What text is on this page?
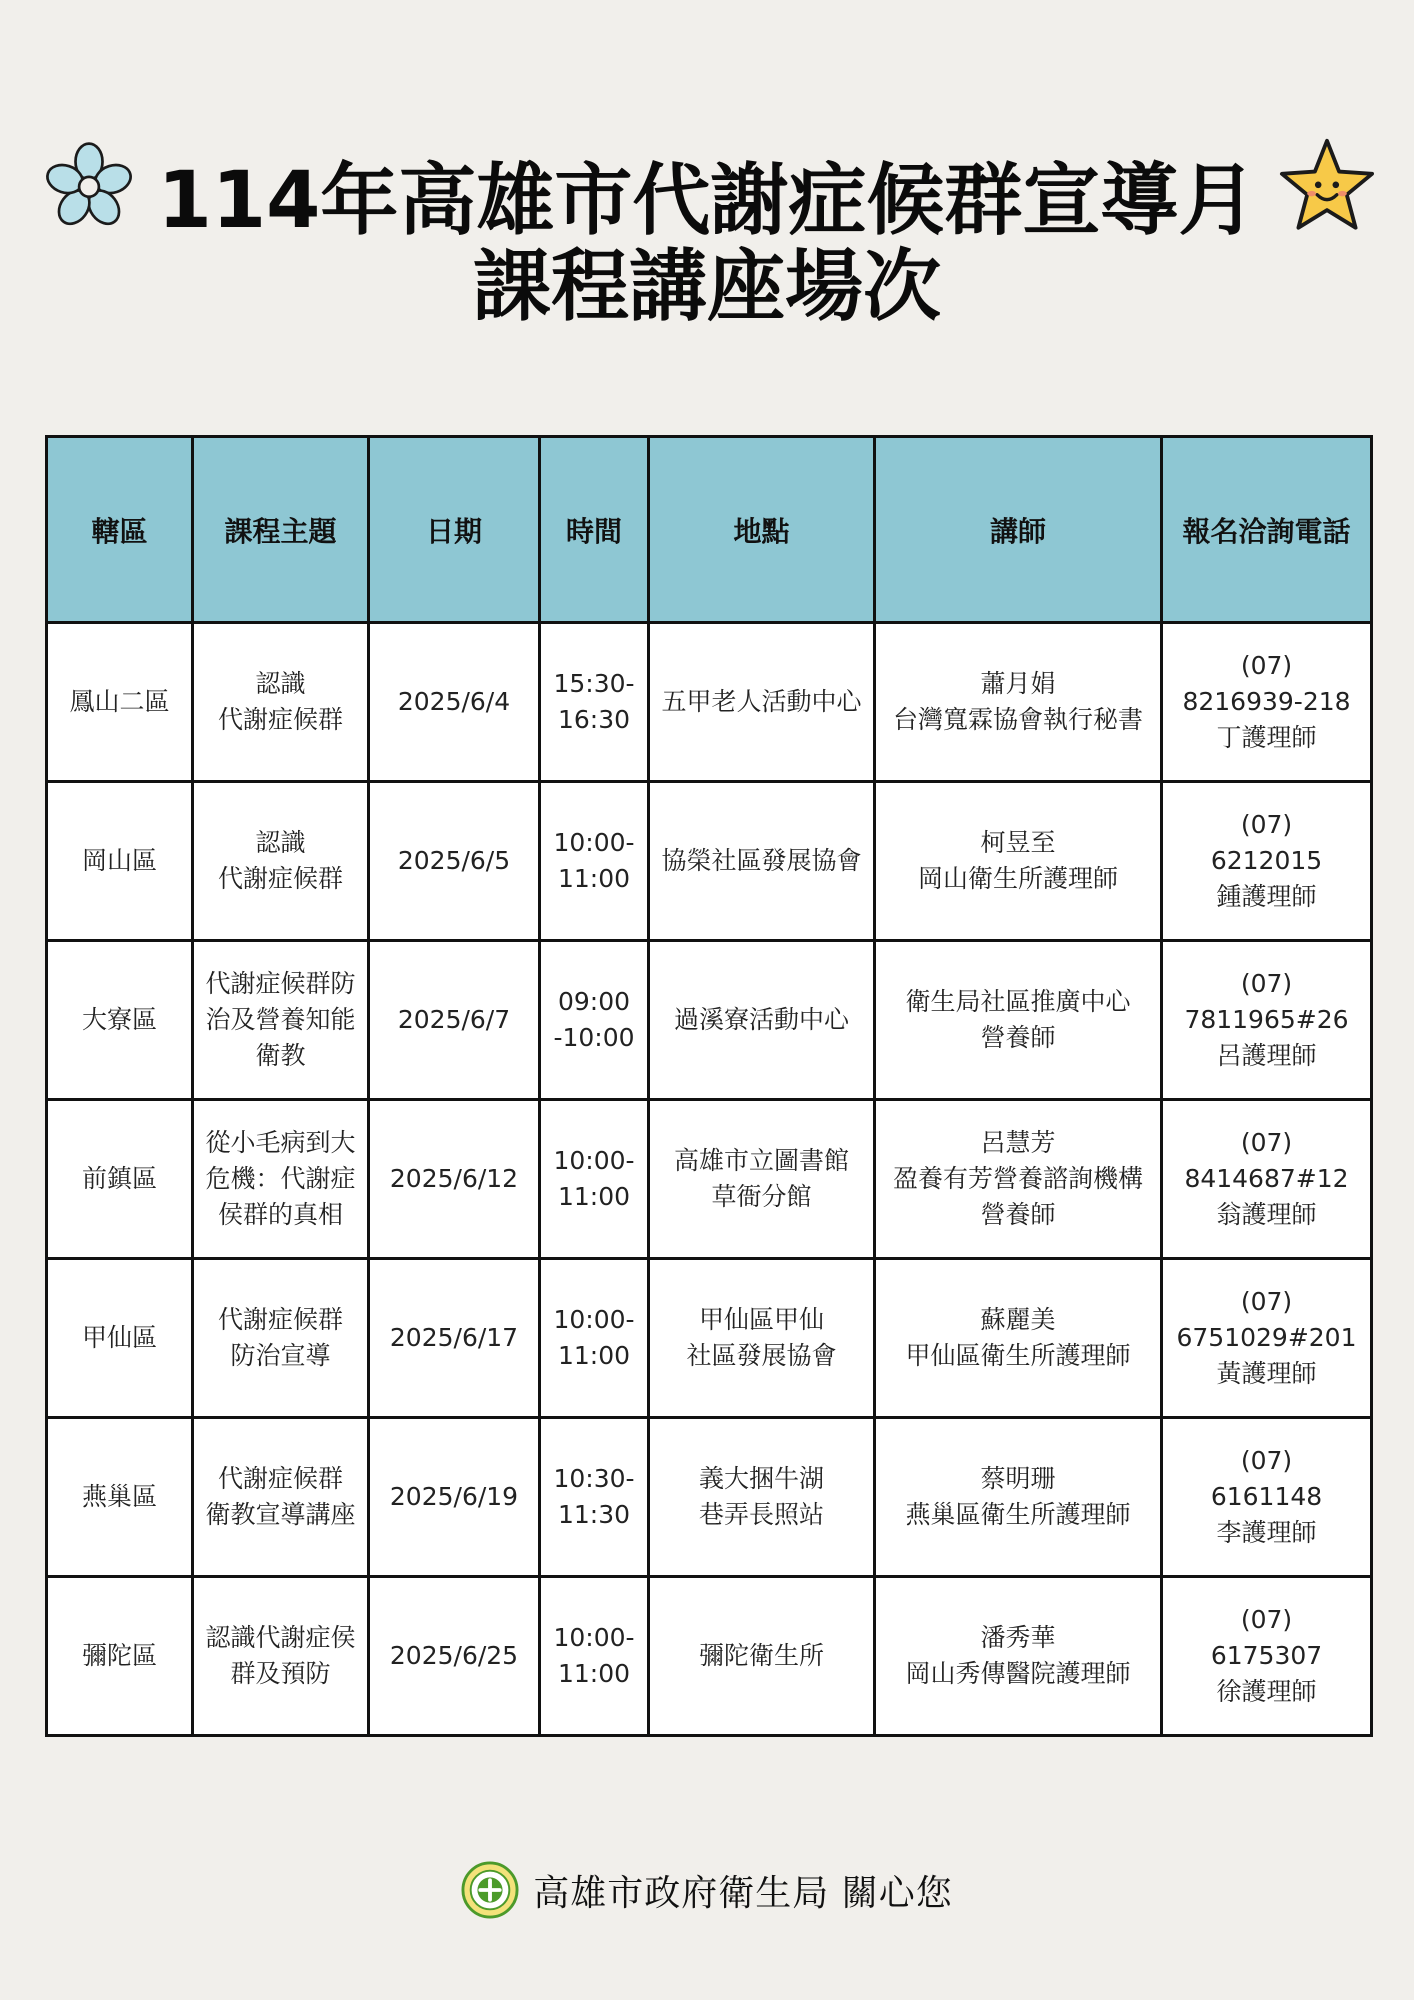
114年高雄市代謝症候群宣導月
課程講座場次
轄區	課程主題	日期	時間	地點	講師	報名洽詢電話
鳳山二區	認識
代謝症候群	2025/6/4	15:30-
16:30	五甲老人活動中心	蕭月娟
台灣寬霖協會執行秘書	(07)
8216939-218
丁護理師

岡山區	認識
代謝症候群	2025/6/5	10:00-
11:00	協榮社區發展協會	柯昱至
岡山衛生所護理師	(07)
6212015
鍾護理師

大寮區	代謝症候群防
治及營養知能
衛教	2025/6/7	09:00
-10:00	過溪寮活動中心	衛生局社區推廣中心
營養師	(07)
7811965#26
呂護理師

前鎮區	從小毛病到大
危機：代謝症
侯群的真相	2025/6/12	10:00-
11:00	高雄市立圖書館
草衙分館	呂慧芳
盈養有芳營養諮詢機構
營養師	(07)
8414687#12
翁護理師

甲仙區	代謝症候群
防治宣導	2025/6/17	10:00-
11:00	甲仙區甲仙
社區發展協會	蘇麗美
甲仙區衛生所護理師	(07)
6751029#201
黃護理師

燕巢區	代謝症候群
衛教宣導講座	2025/6/19	10:30-
11:30	義大捆牛湖
巷弄長照站	蔡明珊
燕巢區衛生所護理師	(07)
6161148
李護理師

彌陀區	認識代謝症侯
群及預防	2025/6/25	10:00-
11:00	彌陀衛生所	潘秀華
岡山秀傳醫院護理師	(07)
6175307
徐護理師
高雄市政府衛生局 關心您
